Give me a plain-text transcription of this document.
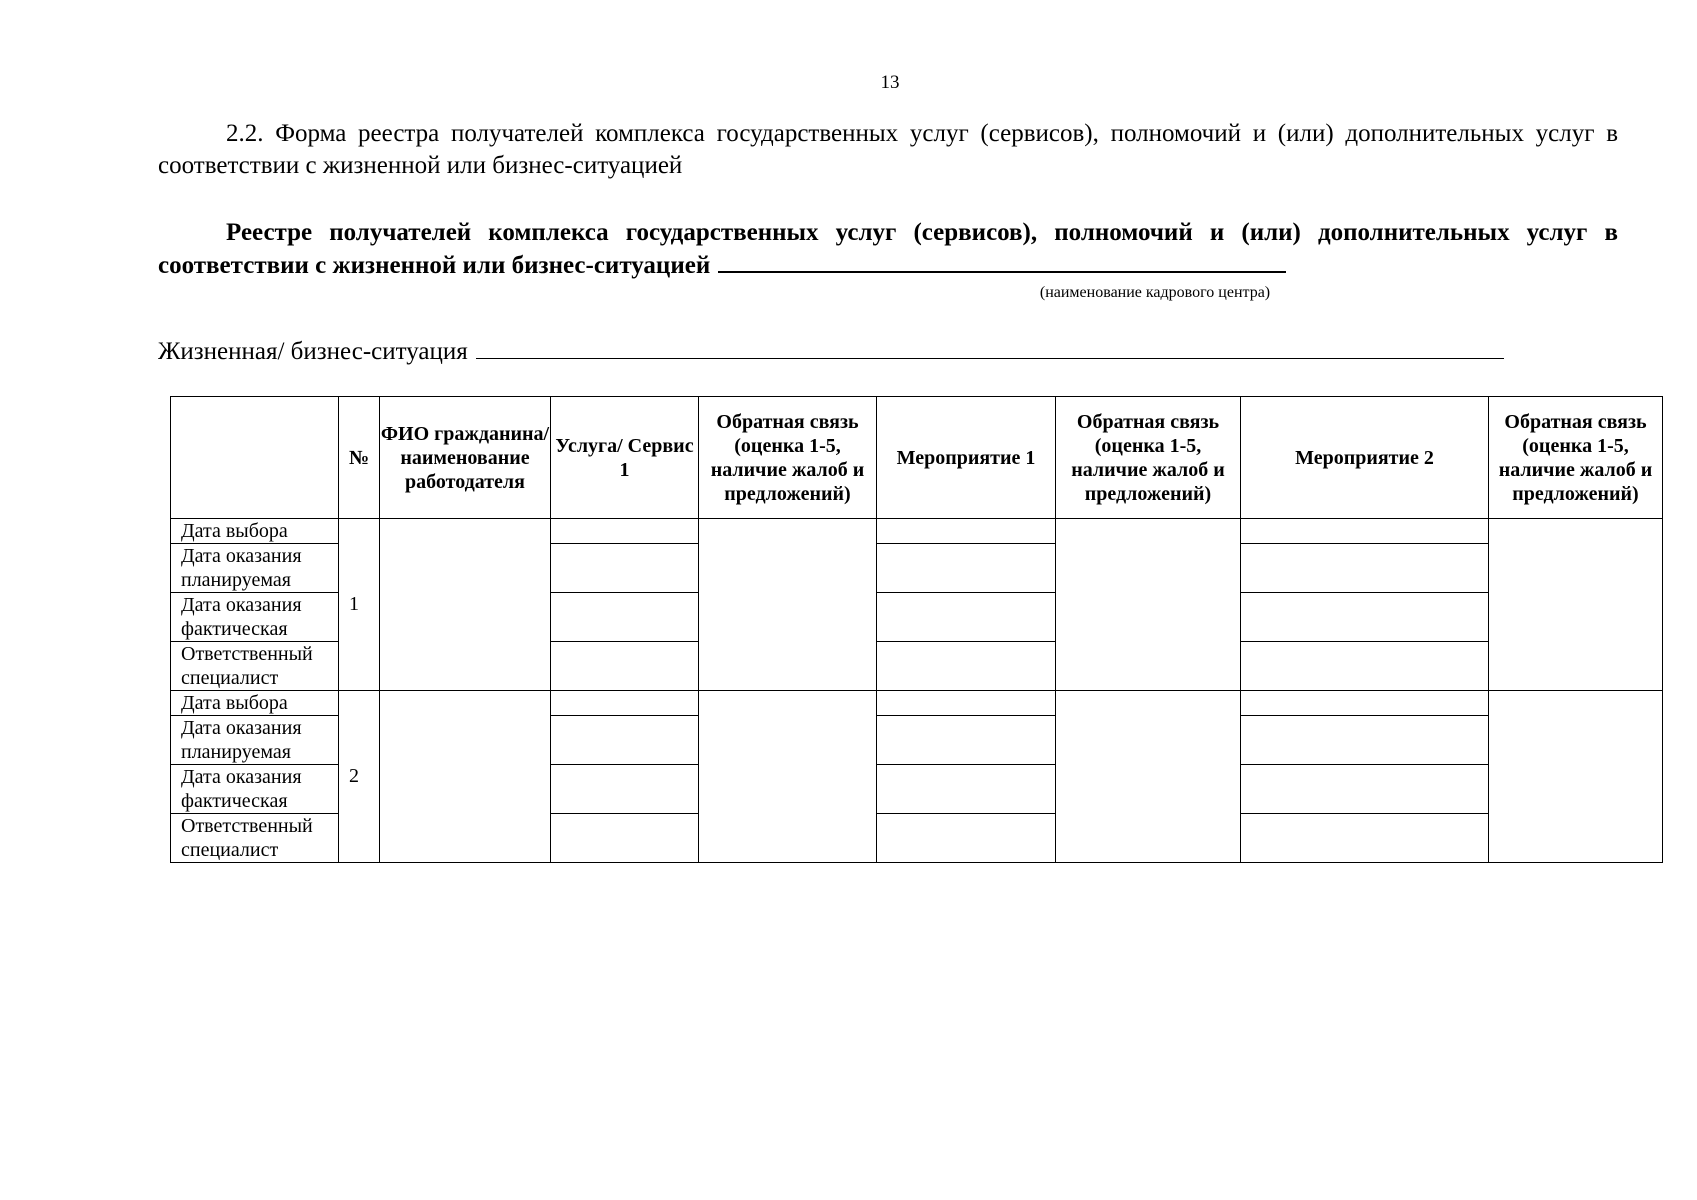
13

2.2. Форма реестра получателей комплекса государственных услуг (сервисов), полномочий и (или) дополнительных услуг в соответствии с жизненной или бизнес-ситуацией

Реестре получателей комплекса государственных услуг (сервисов), полномочий и (или) дополнительных услуг в соответствии с жизненной или бизнес-ситуацией

(наименование кадрового центра)
Жизненная/ бизнес-ситуация
	№	ФИО гражданина/ наименование работодателя	Услуга/ Сервис 1	Обратная связь (оценка 1-5, наличие жалоб и предложений)	Мероприятие 1	Обратная связь (оценка 1-5, наличие жалоб и предложений)	Мероприятие 2	Обратная связь (оценка 1-5, наличие жалоб и предложений)
Дата выбора	1							
Дата оказания планируемая								
Дата оказания фактическая								
Ответственный специалист								
Дата выбора	2							
Дата оказания планируемая								
Дата оказания фактическая								
Ответственный специалист								
